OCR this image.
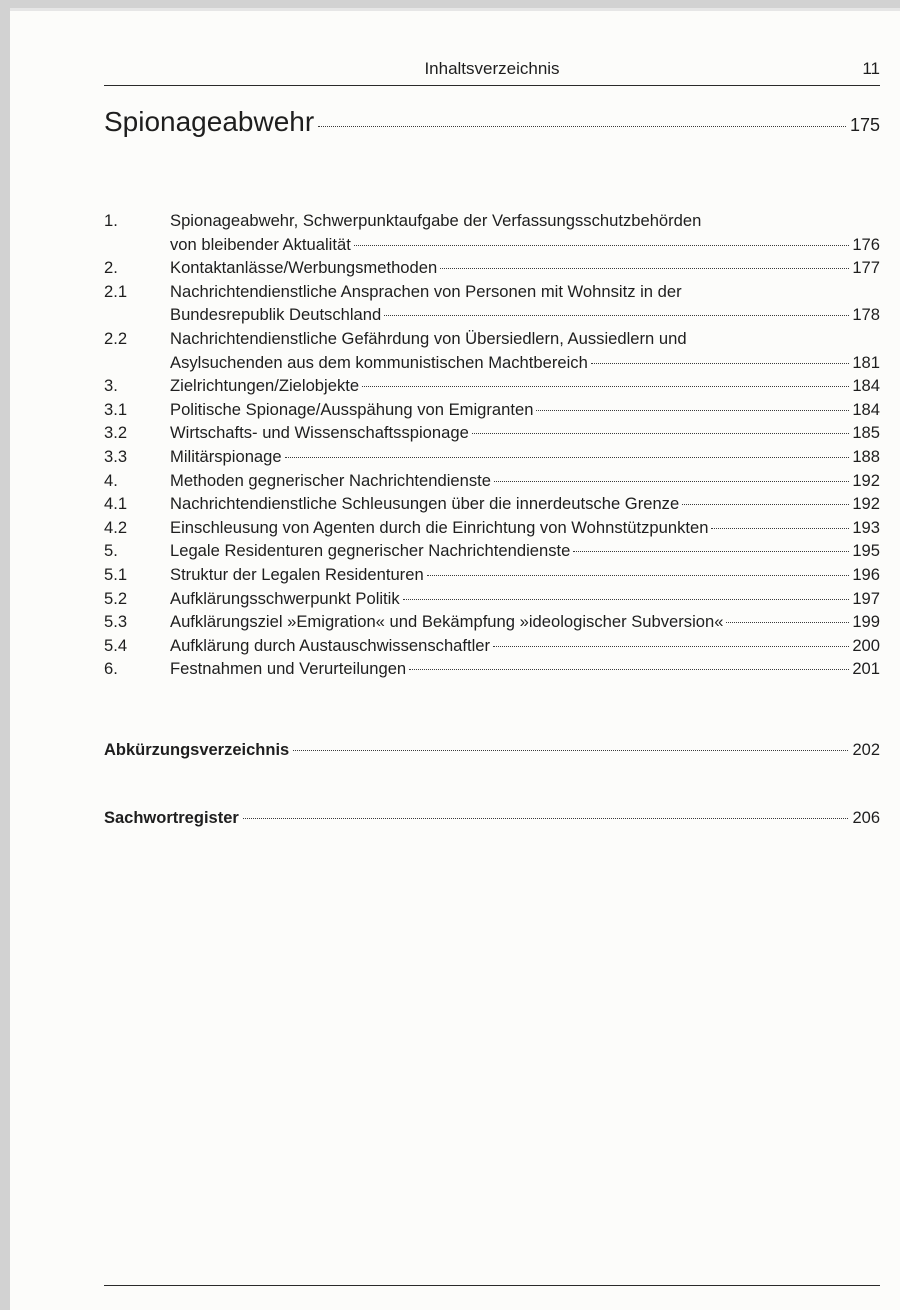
Inhaltsverzeichnis	11
Spionageabwehr	175
1.	Spionageabwehr, Schwerpunktaufgabe der Verfassungsschutzbehörden
von bleibender Aktualität	176
2.	Kontaktanlässe/Werbungsmethoden	177
2.1	Nachrichtendienstliche Ansprachen von Personen mit Wohnsitz in der
Bundesrepublik Deutschland	178
2.2	Nachrichtendienstliche Gefährdung von Übersiedlern, Aussiedlern und
Asylsuchenden aus dem kommunistischen Machtbereich	181
3.	Zielrichtungen/Zielobjekte	184
3.1	Politische Spionage/Ausspähung von Emigranten	184
3.2	Wirtschafts- und Wissenschaftsspionage	185
3.3	Militärspionage	188
4.	Methoden gegnerischer Nachrichtendienste	192
4.1	Nachrichtendienstliche Schleusungen über die innerdeutsche Grenze	192
4.2	Einschleusung von Agenten durch die Einrichtung von Wohnstützpunkten	193
5.	Legale Residenturen gegnerischer Nachrichtendienste	195
5.1	Struktur der Legalen Residenturen	196
5.2	Aufklärungsschwerpunkt Politik	197
5.3	Aufklärungsziel »Emigration« und Bekämpfung »ideologischer Subversion«	199
5.4	Aufklärung durch Austauschwissenschaftler	200
6.	Festnahmen und Verurteilungen	201
Abkürzungsverzeichnis	202
Sachwortregister	206
